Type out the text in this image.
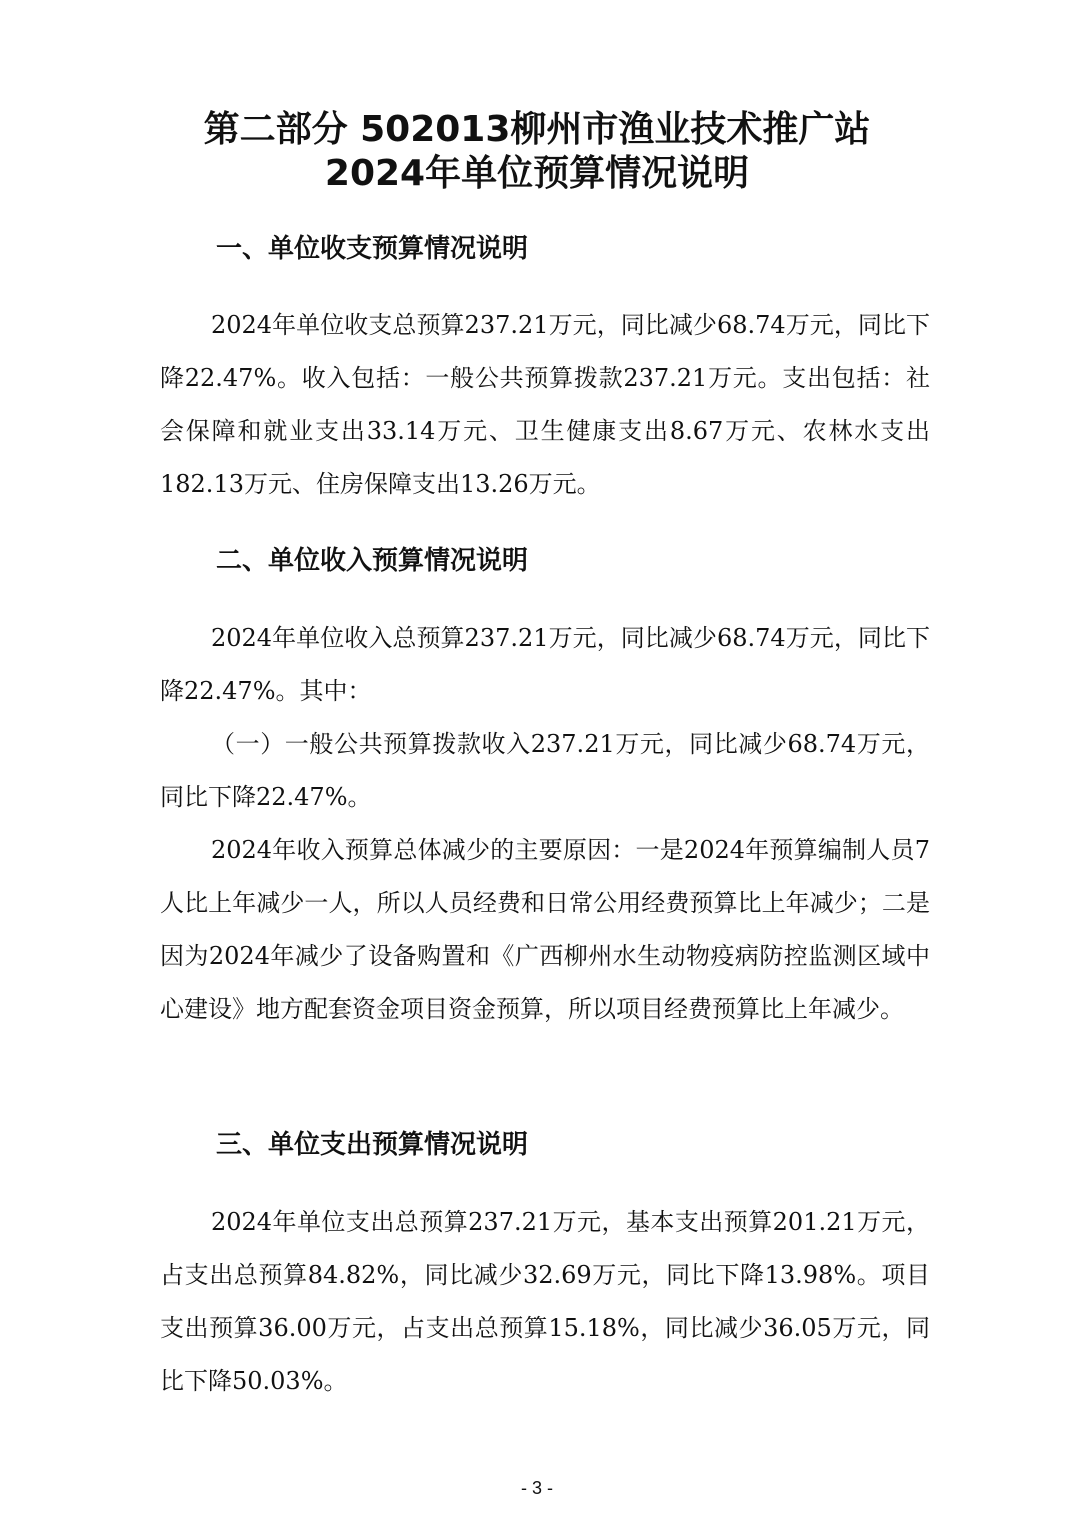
第二部分 502013柳州市渔业技术推广站
2024年单位预算情况说明
一、单位收支预算情况说明

2024年单位收支总预算237.21万元，同比减少68.74万元，同比下降22.47%。收入包括：一般公共预算拨款237.21万元。支出包括：社会保障和就业支出33.14万元、卫生健康支出8.67万元、农林水支出182.13万元、住房保障支出13.26万元。

二、单位收入预算情况说明

2024年单位收入总预算237.21万元，同比减少68.74万元，同比下降22.47%。其中：

（一）一般公共预算拨款收入237.21万元，同比减少68.74万元，同比下降22.47%。

2024年收入预算总体减少的主要原因：一是2024年预算编制人员7人比上年减少一人，所以人员经费和日常公用经费预算比上年减少；二是因为2024年减少了设备购置和《广西柳州水生动物疫病防控监测区域中心建设》地方配套资金项目资金预算，所以项目经费预算比上年减少。

三、单位支出预算情况说明

2024年单位支出总预算237.21万元，基本支出预算201.21万元，占支出总预算84.82%，同比减少32.69万元，同比下降13.98%。项目支出预算36.00万元，占支出总预算15.18%，同比减少36.05万元，同比下降50.03%。

- 3 -
